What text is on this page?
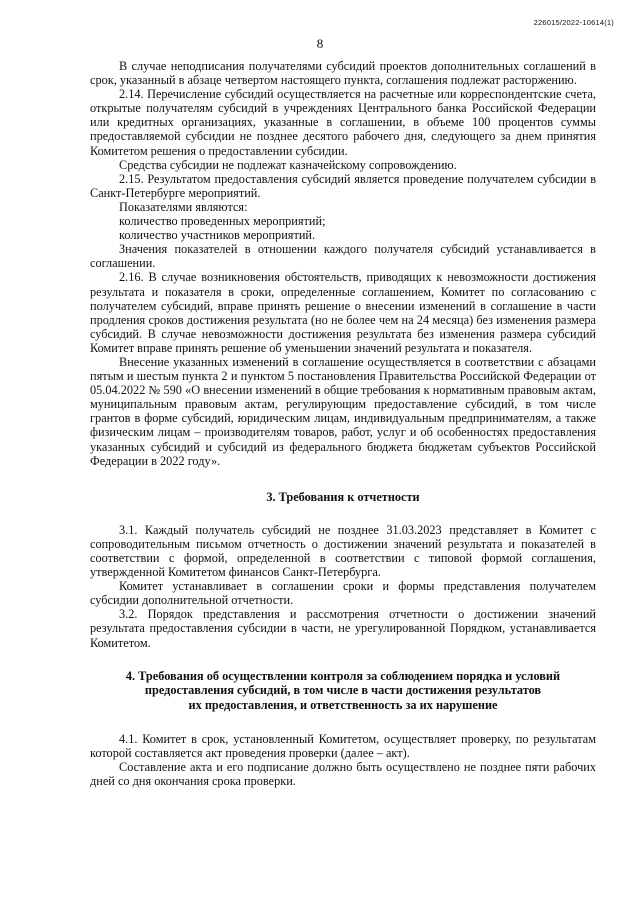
226015/2022-10614(1)
8

В случае неподписания получателями субсидий проектов дополнительных соглашений в срок, указанный в абзаце четвертом настоящего пункта, соглашения подлежат расторжению.

2.14. Перечисление субсидий осуществляется на расчетные или корреспондентские счета, открытые получателям субсидий в учреждениях Центрального банка Российской Федерации или кредитных организациях, указанные в соглашении, в объеме 100 процентов суммы предоставляемой субсидии не позднее десятого рабочего дня, следующего за днем принятия Комитетом решения о предоставлении субсидии.

Средства субсидии не подлежат казначейскому сопровождению.

2.15. Результатом предоставления субсидий является проведение получателем субсидии в Санкт-Петербурге мероприятий.

Показателями являются:

количество проведенных мероприятий;

количество участников мероприятий.

Значения показателей в отношении каждого получателя субсидий устанавливается в соглашении.

2.16. В случае возникновения обстоятельств, приводящих к невозможности достижения результата и показателя в сроки, определенные соглашением, Комитет по согласованию с получателем субсидий, вправе принять решение о внесении изменений в соглашение в части продления сроков достижения результата (но не более чем на 24 месяца) без изменения размера субсидий. В случае невозможности достижения результата без изменения размера субсидий Комитет вправе принять решение об уменьшении значений результата и показателя.

Внесение указанных изменений в соглашение осуществляется в соответствии с абзацами пятым и шестым пункта 2 и пунктом 5 постановления Правительства Российской Федерации от 05.04.2022 № 590 «О внесении изменений в общие требования к нормативным правовым актам, муниципальным правовым актам, регулирующим предоставление субсидий, в том числе грантов в форме субсидий, юридическим лицам, индивидуальным предпринимателям, а также физическим лицам – производителям товаров, работ, услуг и об особенностях предоставления указанных субсидий и субсидий из федерального бюджета бюджетам субъектов Российской Федерации в 2022 году».

3. Требования к отчетности

3.1. Каждый получатель субсидий не позднее 31.03.2023 представляет в Комитет с сопроводительным письмом отчетность о достижении значений результата и показателей в соответствии с формой, определенной в соответствии с типовой формой соглашения, утвержденной Комитетом финансов Санкт-Петербурга.

Комитет устанавливает в соглашении сроки и формы представления получателем субсидии дополнительной отчетности.

3.2. Порядок представления и рассмотрения отчетности о достижении значений результата предоставления субсидии в части, не урегулированной Порядком, устанавливается Комитетом.

4. Требования об осуществлении контроля за соблюдением порядка и условий
предоставления субсидий, в том числе в части достижения результатов
их предоставления, и ответственность за их нарушение

4.1. Комитет в срок, установленный Комитетом, осуществляет проверку, по результатам которой составляется акт проведения проверки (далее – акт).

Составление акта и его подписание должно быть осуществлено не позднее пяти рабочих дней со дня окончания срока проверки.
